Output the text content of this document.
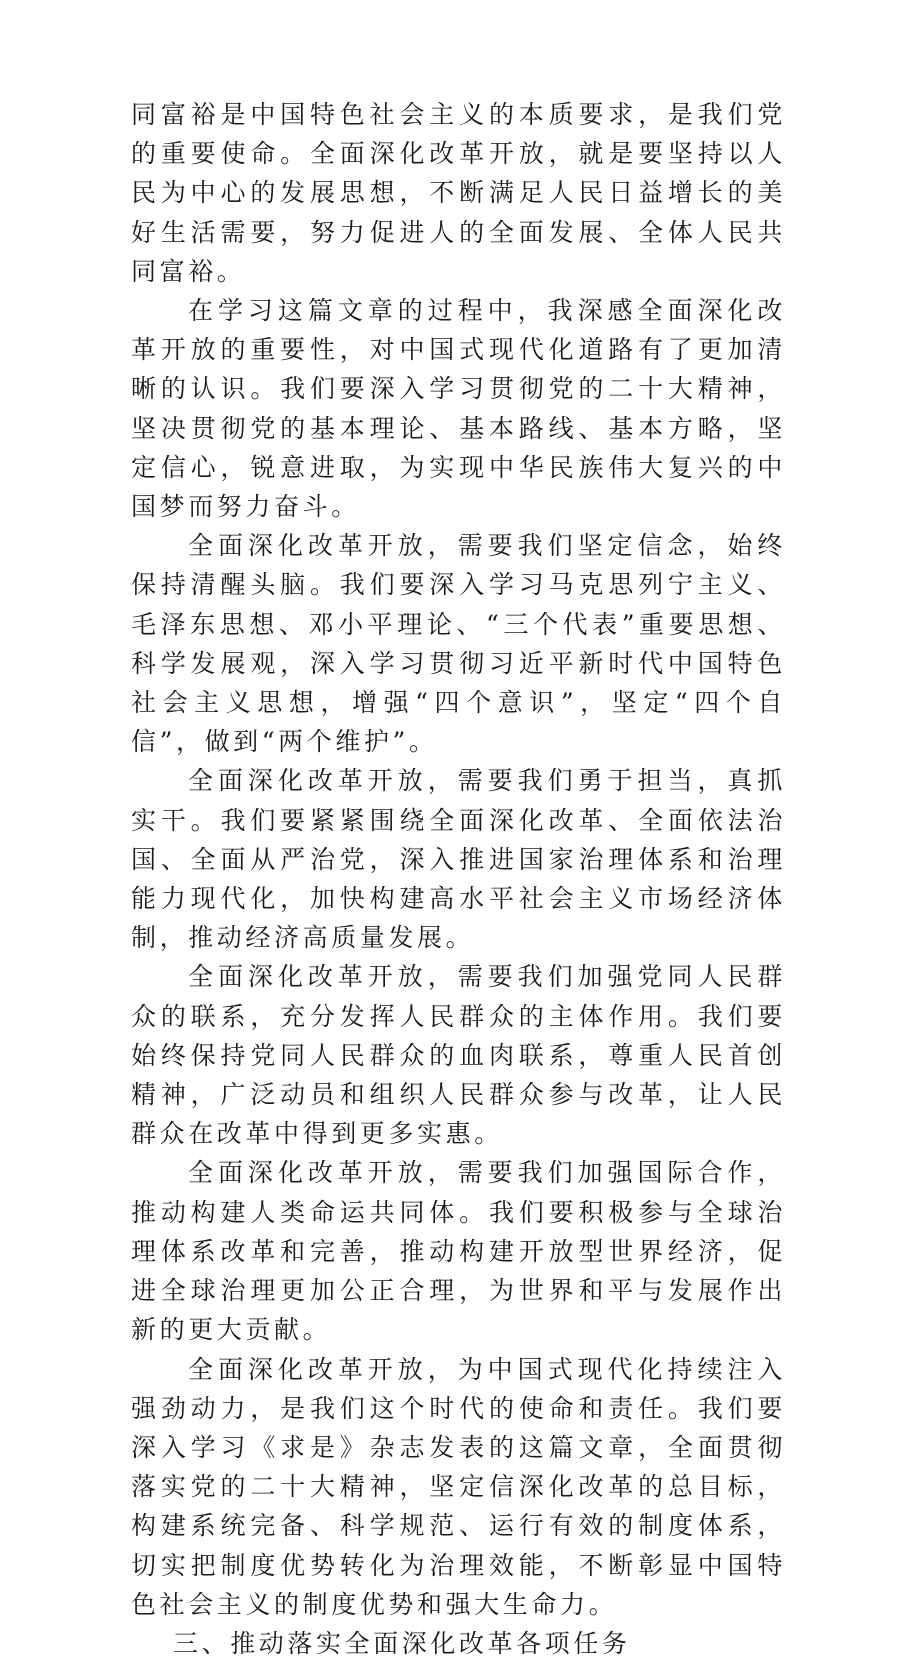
同富裕是中国特色社会主义的本质要求，是我们党的重要使命。全面深化改革开放，就是要坚持以人民为中心的发展思想，不断满足人民日益增长的美好生活需要，努力促进人的全面发展、全体人民共同富裕。

在学习这篇文章的过程中，我深感全面深化改革开放的重要性，对中国式现代化道路有了更加清晰的认识。我们要深入学习贯彻党的二十大精神，坚决贯彻党的基本理论、基本路线、基本方略，坚定信心，锐意进取，为实现中华民族伟大复兴的中国梦而努力奋斗。

全面深化改革开放，需要我们坚定信念，始终保持清醒头脑。我们要深入学习马克思列宁主义、毛泽东思想、邓小平理论、“三个代表”重要思想、科学发展观，深入学习贯彻习近平新时代中国特色社会主义思想，增强“四个意识”，坚定“四个自信”，做到“两个维护”。

全面深化改革开放，需要我们勇于担当，真抓实干。我们要紧紧围绕全面深化改革、全面依法治国、全面从严治党，深入推进国家治理体系和治理能力现代化，加快构建高水平社会主义市场经济体制，推动经济高质量发展。

全面深化改革开放，需要我们加强党同人民群众的联系，充分发挥人民群众的主体作用。我们要始终保持党同人民群众的血肉联系，尊重人民首创精神，广泛动员和组织人民群众参与改革，让人民群众在改革中得到更多实惠。

全面深化改革开放，需要我们加强国际合作，推动构建人类命运共同体。我们要积极参与全球治理体系改革和完善，推动构建开放型世界经济，促进全球治理更加公正合理，为世界和平与发展作出新的更大贡献。

全面深化改革开放，为中国式现代化持续注入强劲动力，是我们这个时代的使命和责任。我们要深入学习《求是》杂志发表的这篇文章，全面贯彻落实党的二十大精神，坚定信深化改革的总目标，构建系统完备、科学规范、运行有效的制度体系，切实把制度优势转化为治理效能，不断彰显中国特色社会主义的制度优势和强大生命力。

三、推动落实全面深化改革各项任务
